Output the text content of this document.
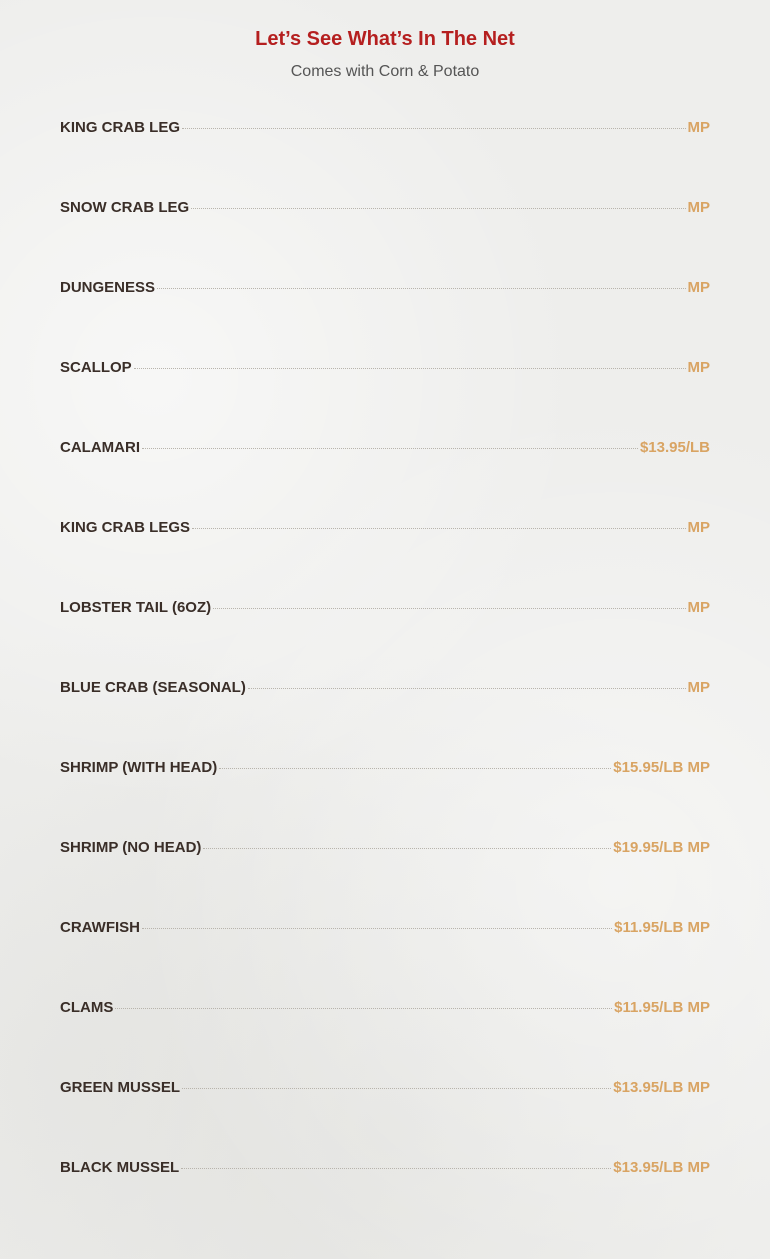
Let’s See What’s In The Net
Comes with Corn & Potato
KING CRAB LEG	MP
SNOW CRAB LEG	MP
DUNGENESS	MP
SCALLOP	MP
CALAMARI	$13.95/LB
KING CRAB LEGS	MP
LOBSTER TAIL (6OZ)	MP
BLUE CRAB (SEASONAL)	MP
SHRIMP (WITH HEAD)	$15.95/LB MP
SHRIMP (NO HEAD)	$19.95/LB MP
CRAWFISH	$11.95/LB MP
CLAMS	$11.95/LB MP
GREEN MUSSEL	$13.95/LB MP
BLACK MUSSEL	$13.95/LB MP
